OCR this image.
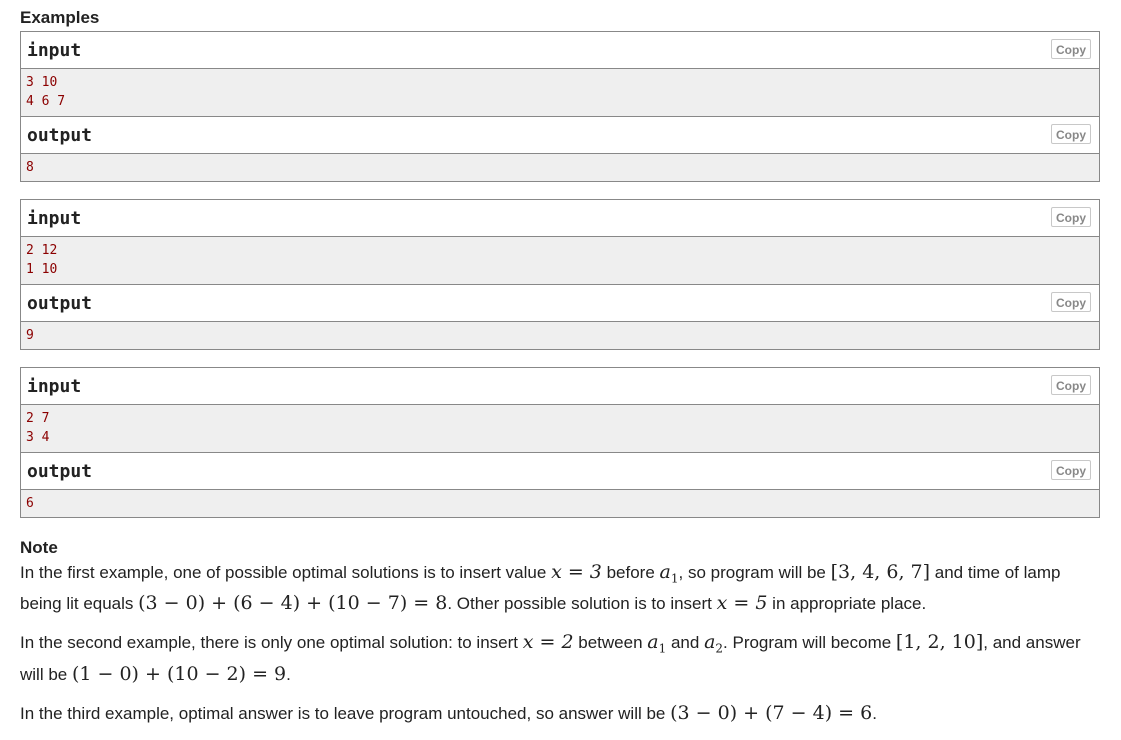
Examples
input	Copy
3 10
4 6 7
output	Copy
8
input	Copy
2 12
1 10
output	Copy
9
input	Copy
2 7
3 4
output	Copy
6
Note

In the first example, one of possible optimal solutions is to insert value x = 3 before $a_1$, so program will be [3, 4, 6, 7] and time of lamp being lit equals (3 − 0) + (6 − 4) + (10 − 7) = 8. Other possible solution is to insert x = 5 in appropriate place.

In the second example, there is only one optimal solution: to insert x = 2 between $a_1$ and $a_2$. Program will become [1, 2, 10], and answer will be (1 − 0) + (10 − 2) = 9.

In the third example, optimal answer is to leave program untouched, so answer will be (3 − 0) + (7 − 4) = 6.
